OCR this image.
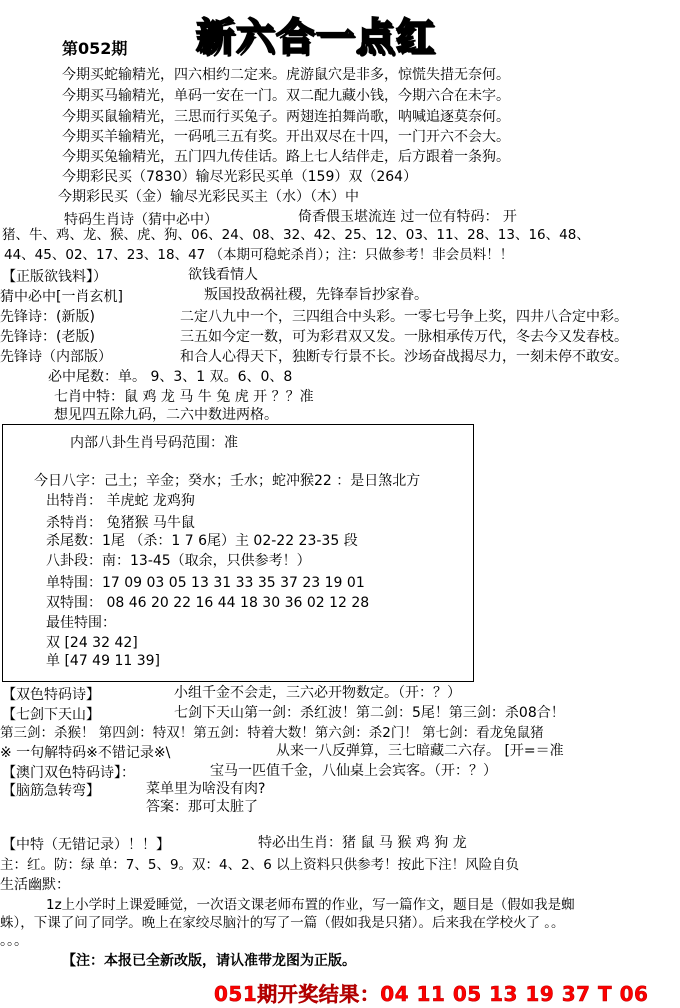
新六合一点红
第052期
今期买蛇输精光，四六相约二定来。虎游鼠穴是非多，惊慌失措无奈何。
今期买马输精光，单码一安在一门。双二配九藏小钱，今期六合在未字。
今期买鼠输精光，三思而行买兔子。两翅连拍舞尚歌，呐喊追逐莫奈何。
今期买羊输精光，一码吼三五有奖。开出双尽在十四，一门开六不会大。
今期买兔输精光，五门四九传佳话。路上七人结伴走，后方跟着一条狗。
今期彩民买（7830）输尽光彩民买单（159）双（264）
今期彩民买（金）输尽光彩民买主（水）（木）中
特码生肖诗（猜中必中）	倚香偎玉堪流连 过一位有特码： 开
猪、牛、鸡、龙、猴、虎、狗、06、24、08、32、42、25、12、03、11、28、13、16、48、
44、45、02、17、23、18、47 （本期可稳蛇杀肖）；注：只做参考！非会员料！！
【正版欲钱料】）	欲钱看情人
猜中必中[一肖玄机]	叛国投敌祸社稷，先锋奉旨抄家眷。
先锋诗：(新版)	二定八九中一个，三四组合中头彩。一零七号争上奖，四井八合定中彩。
先锋诗：(老版)	三五如今定一数，可为彩君双又发。一脉相承传万代，冬去今又发春枝。
先锋诗（内部版）	和合人心得天下，独断专行景不长。沙场奋战揭尽力，一刻未停不敢安。
必中尾数：单。 9、3、1 双。6、0、8
七肖中特：鼠 鸡 龙 马 牛 兔 虎 开 ？？准
想见四五除九码，二六中数进两格。
内部八卦生肖号码范围：准
今日八字：己土；辛金；癸水；壬水；蛇冲猴22 ：是日煞北方
出特肖： 羊虎蛇 龙鸡狗
杀特肖： 兔猪猴 马牛鼠
杀尾数：1尾 （杀：1 7 6尾）主 02-22 23-35 段
八卦段：南：13-45（取余，只供参考！）
单特围：17 09 03 05 13 31 33 35 37 23 19 01
双特围： 08 46 20 22 16 44 18 30 36 02 12 28
最佳特围：
双 [24 32 42]
单 [47 49 11 39]
【双色特码诗】	小组千金不会走，三六必开物数定。（开：？）
【七剑下天山】	七剑下天山第一剑：杀红波！第二剑：5尾！第三剑：杀08合！
第三剑：杀猴！ 第四剑：特双！第五剑：特着大数！第六剑：杀2门！ 第七剑：看龙兔鼠猪
※ 一句解特码※不错记录※\	从来一八反弹算，三七暗藏二六存。 [开=＝准
【澳门双色特码诗】：	宝马一匹值千金，八仙桌上会宾客。（开：？）
【脑筋急转弯】	菜单里为啥没有肉?
答案：那可太脏了
【中特（无错记录）！！】	特必出生肖：猪 鼠 马 猴 鸡 狗 龙
主：红。防：绿 单：7、5、9。双：4、2、6 以上资料只供参考！按此下注！风险自负
生活幽默：
1z上小学时上课爱睡觉，一次语文课老师布置的作业，写一篇作文，题目是（假如我是蜘
蛛），下课了问了同学。晚上在家绞尽脑汁的写了一篇（假如我是只猪）。后来我在学校火了 。。
。。。
【注：本报已全新改版，请认准带龙图为正版。
051期开奖结果：04 11 05 13 19 37 T 06
